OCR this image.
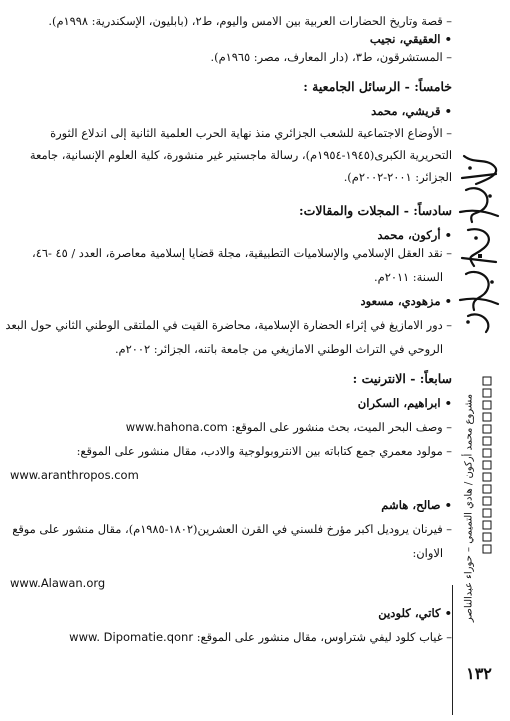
– قصة وتاريخ الحضارات العربية بين الامس واليوم، ط٢، (بابليون، الإسكندرية: ١٩٩٨م).
• العقيقي، نجيب
– المستشرقون، ط٣، (دار المعارف، مصر: ١٩٦٥م).
خامساً: - الرسائل الجامعية :
• قريشي، محمد
– الأوضاع الاجتماعية للشعب الجزائري منذ نهاية الحرب العلمية الثانية إلى اندلاع الثورة التحريرية الكبرى(١٩٤٥-١٩٥٤م)، رسالة ماجستير غير منشورة، كلية العلوم الإنسانية، جامعة الجزائر: ٢٠٠١-٢٠٠٢م).
سادساً: - المجلات والمقالات:
• أركون، محمد
– نقد العقل الإسلامي والإسلاميات التطبيقية، مجلة قضايا إسلامية معاصرة، العدد / ٤٥ -٤٦،
السنة: ٢٠١١م.
• مزهودي، مسعود
– دور الامازيغ في إثراء الحضارة الإسلامية، محاضرة القيت في الملتقى الوطني الثاني حول البعد
الروحي في التراث الوطني الامازيغي من جامعة باتنه، الجزائر: ٢٠٠٢م.
سابعاً: - الانترنيت :
• ابراهيم، السكران
– وصف البحر الميت، بحث منشور على الموقع: www.hahona.com
– مولود معمري جمع كتاباته بين الانتروبولوجية والادب، مقال منشور على الموقع:
www.aranthropos.com
• صالح، هاشم
– فيرنان يروديل اكبر مؤرخ فلسني في القرن العشرين(١٨٠٢-١٩٨٥م)، مقال منشور على موقع
الاوان:
www.Alawan.org
• كاتي، كلودين
– غياب كلود ليفي شتراوس، مقال منشور على الموقع: www. Dipomatie.qonr
مشروع محمد أركون / هادي التميمي – حوراء عبدالناصر
١٣٢
